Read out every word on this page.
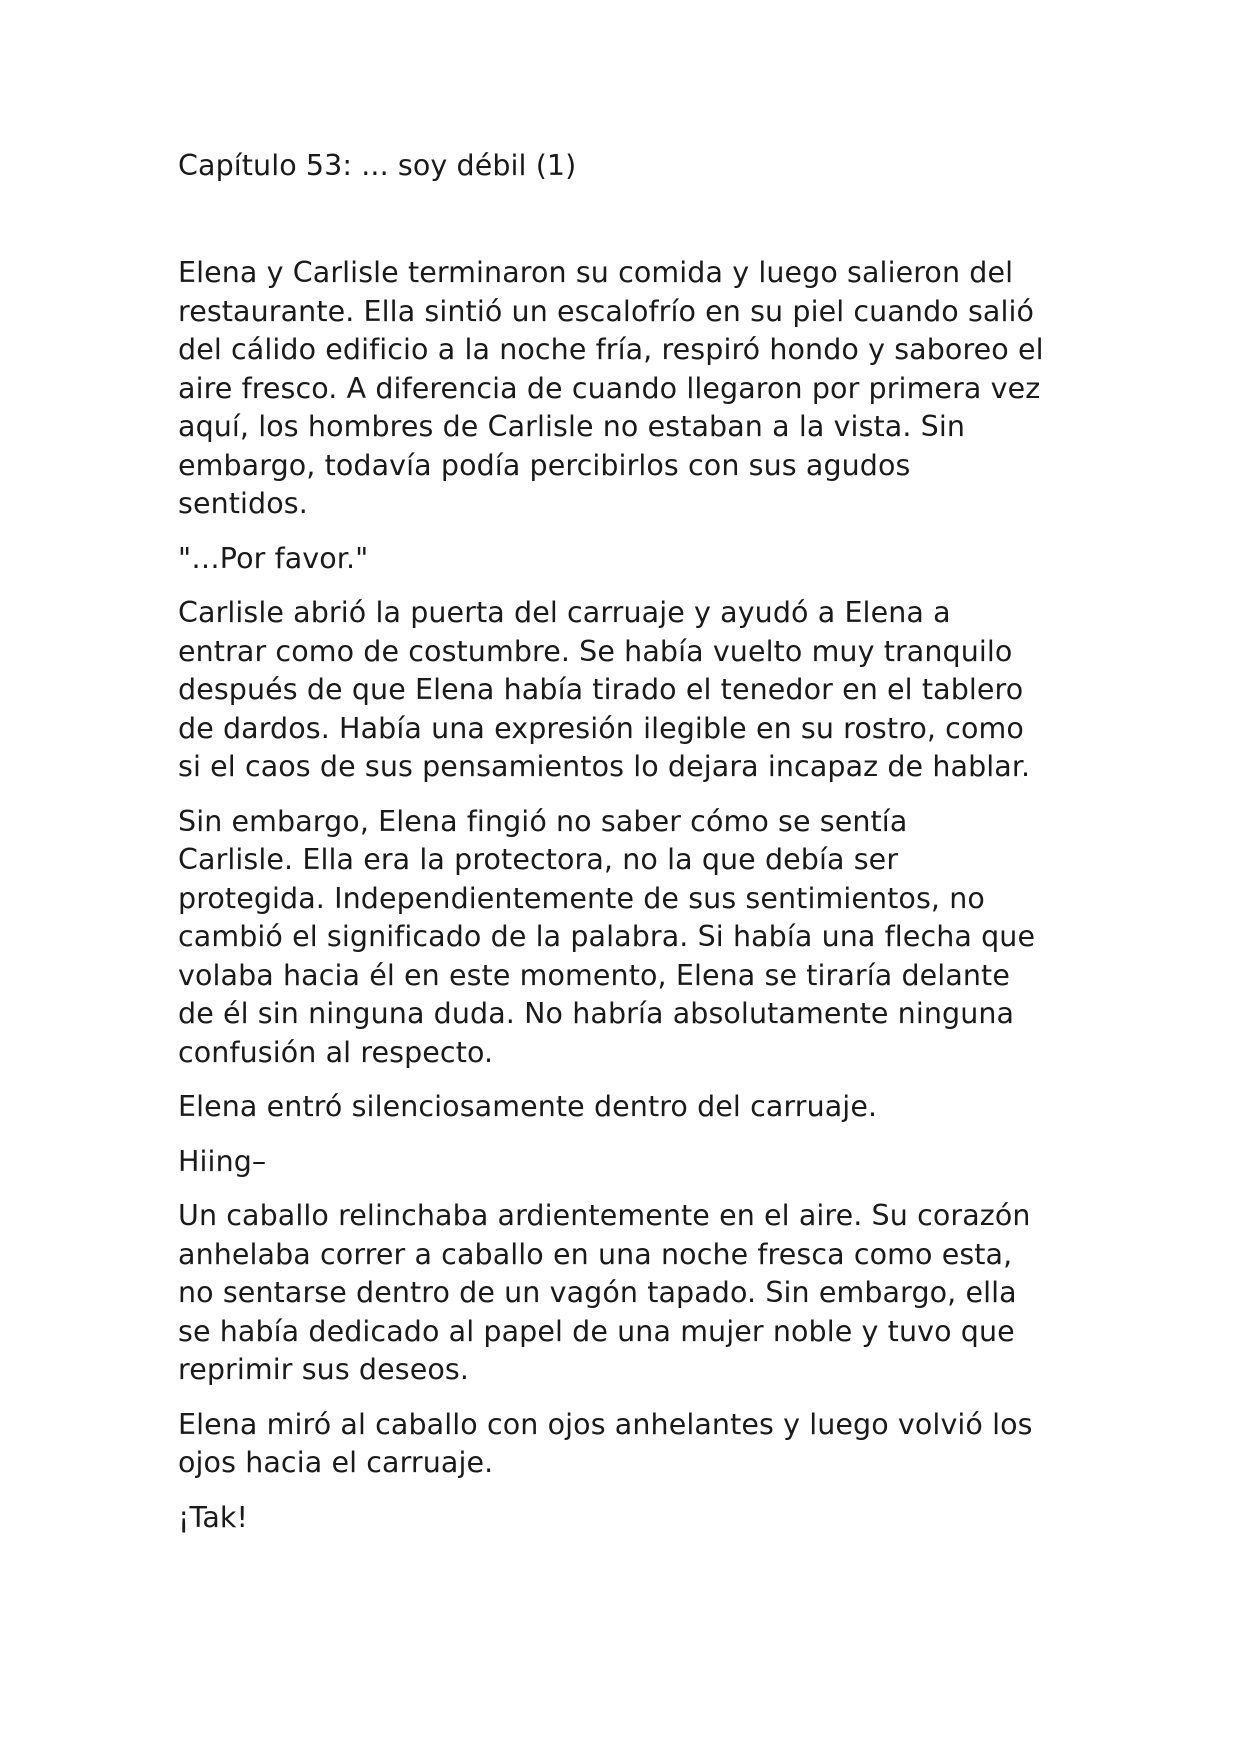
Capítulo 53: ... soy débil (1)
Elena y Carlisle terminaron su comida y luego salieron del
restaurante. Ella sintió un escalofrío en su piel cuando salió
del cálido edificio a la noche fría, respiró hondo y saboreo el
aire fresco. A diferencia de cuando llegaron por primera vez
aquí, los hombres de Carlisle no estaban a la vista. Sin
embargo, todavía podía percibirlos con sus agudos
sentidos.
"…Por favor."
Carlisle abrió la puerta del carruaje y ayudó a Elena a
entrar como de costumbre. Se había vuelto muy tranquilo
después de que Elena había tirado el tenedor en el tablero
de dardos. Había una expresión ilegible en su rostro, como
si el caos de sus pensamientos lo dejara incapaz de hablar.
Sin embargo, Elena fingió no saber cómo se sentía
Carlisle. Ella era la protectora, no la que debía ser
protegida. Independientemente de sus sentimientos, no
cambió el significado de la palabra. Si había una flecha que
volaba hacia él en este momento, Elena se tiraría delante
de él sin ninguna duda. No habría absolutamente ninguna
confusión al respecto.
Elena entró silenciosamente dentro del carruaje.
Hiing–
Un caballo relinchaba ardientemente en el aire. Su corazón
anhelaba correr a caballo en una noche fresca como esta,
no sentarse dentro de un vagón tapado. Sin embargo, ella
se había dedicado al papel de una mujer noble y tuvo que
reprimir sus deseos.
Elena miró al caballo con ojos anhelantes y luego volvió los
ojos hacia el carruaje.
¡Tak!
